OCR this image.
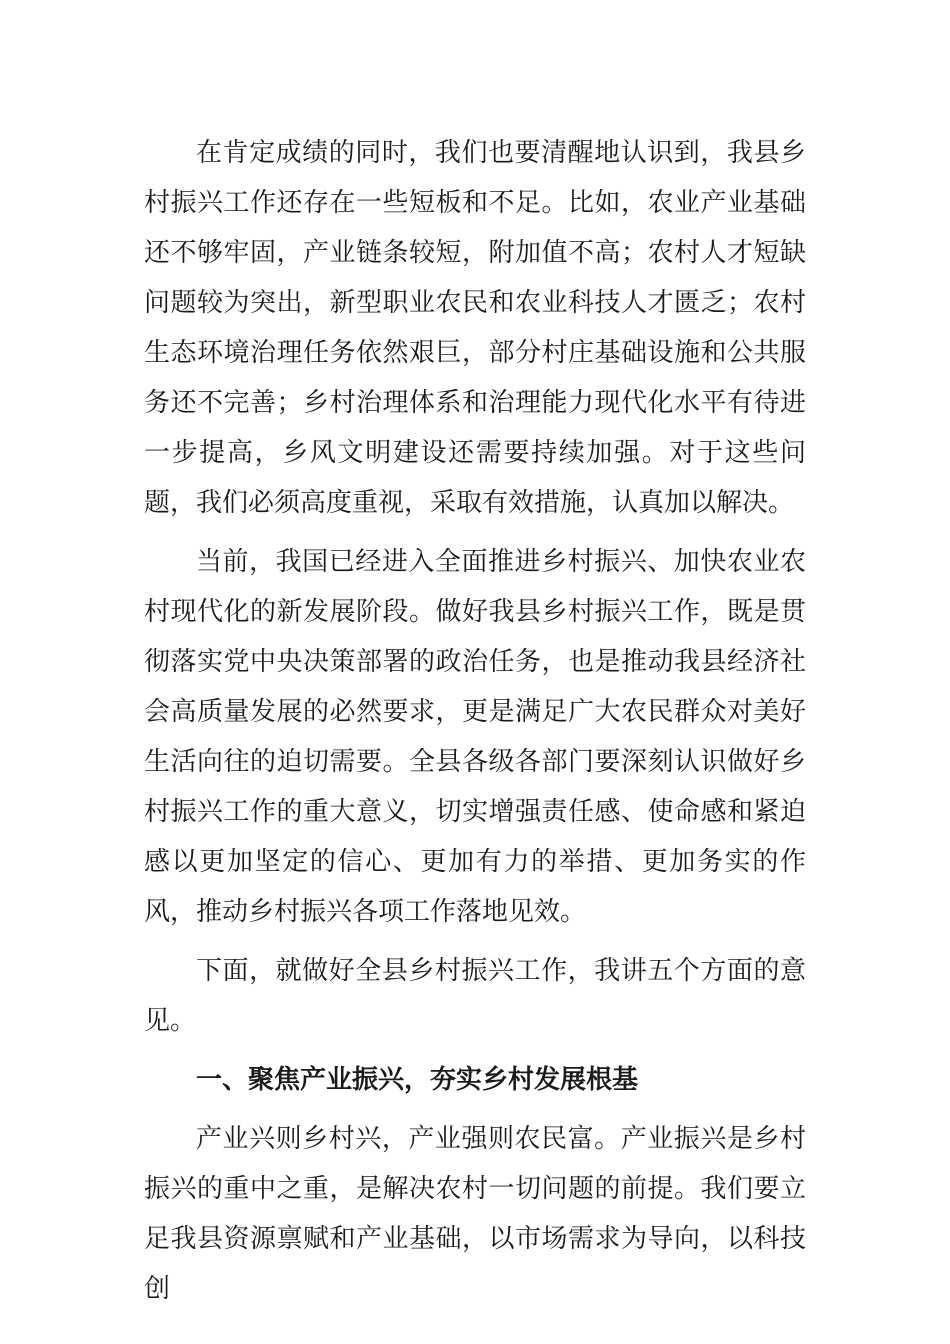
在肯定成绩的同时，我们也要清醒地认识到，我县乡村振兴工作还存在一些短板和不足。比如，农业产业基础还不够牢固，产业链条较短，附加值不高；农村人才短缺问题较为突出，新型职业农民和农业科技人才匮乏；农村生态环境治理任务依然艰巨，部分村庄基础设施和公共服务还不完善；乡村治理体系和治理能力现代化水平有待进一步提高，乡风文明建设还需要持续加强。对于这些问题，我们必须高度重视，采取有效措施，认真加以解决。

当前，我国已经进入全面推进乡村振兴、加快农业农村现代化的新发展阶段。做好我县乡村振兴工作，既是贯彻落实党中央决策部署的政治任务，也是推动我县经济社会高质量发展的必然要求，更是满足广大农民群众对美好生活向往的迫切需要。全县各级各部门要深刻认识做好乡村振兴工作的重大意义，切实增强责任感、使命感和紧迫感以更加坚定的信心、更加有力的举措、更加务实的作风，推动乡村振兴各项工作落地见效。

下面，就做好全县乡村振兴工作，我讲五个方面的意见。

一、聚焦产业振兴，夯实乡村发展根基

产业兴则乡村兴，产业强则农民富。产业振兴是乡村振兴的重中之重，是解决农村一切问题的前提。我们要立足我县资源禀赋和产业基础，以市场需求为导向，以科技创
